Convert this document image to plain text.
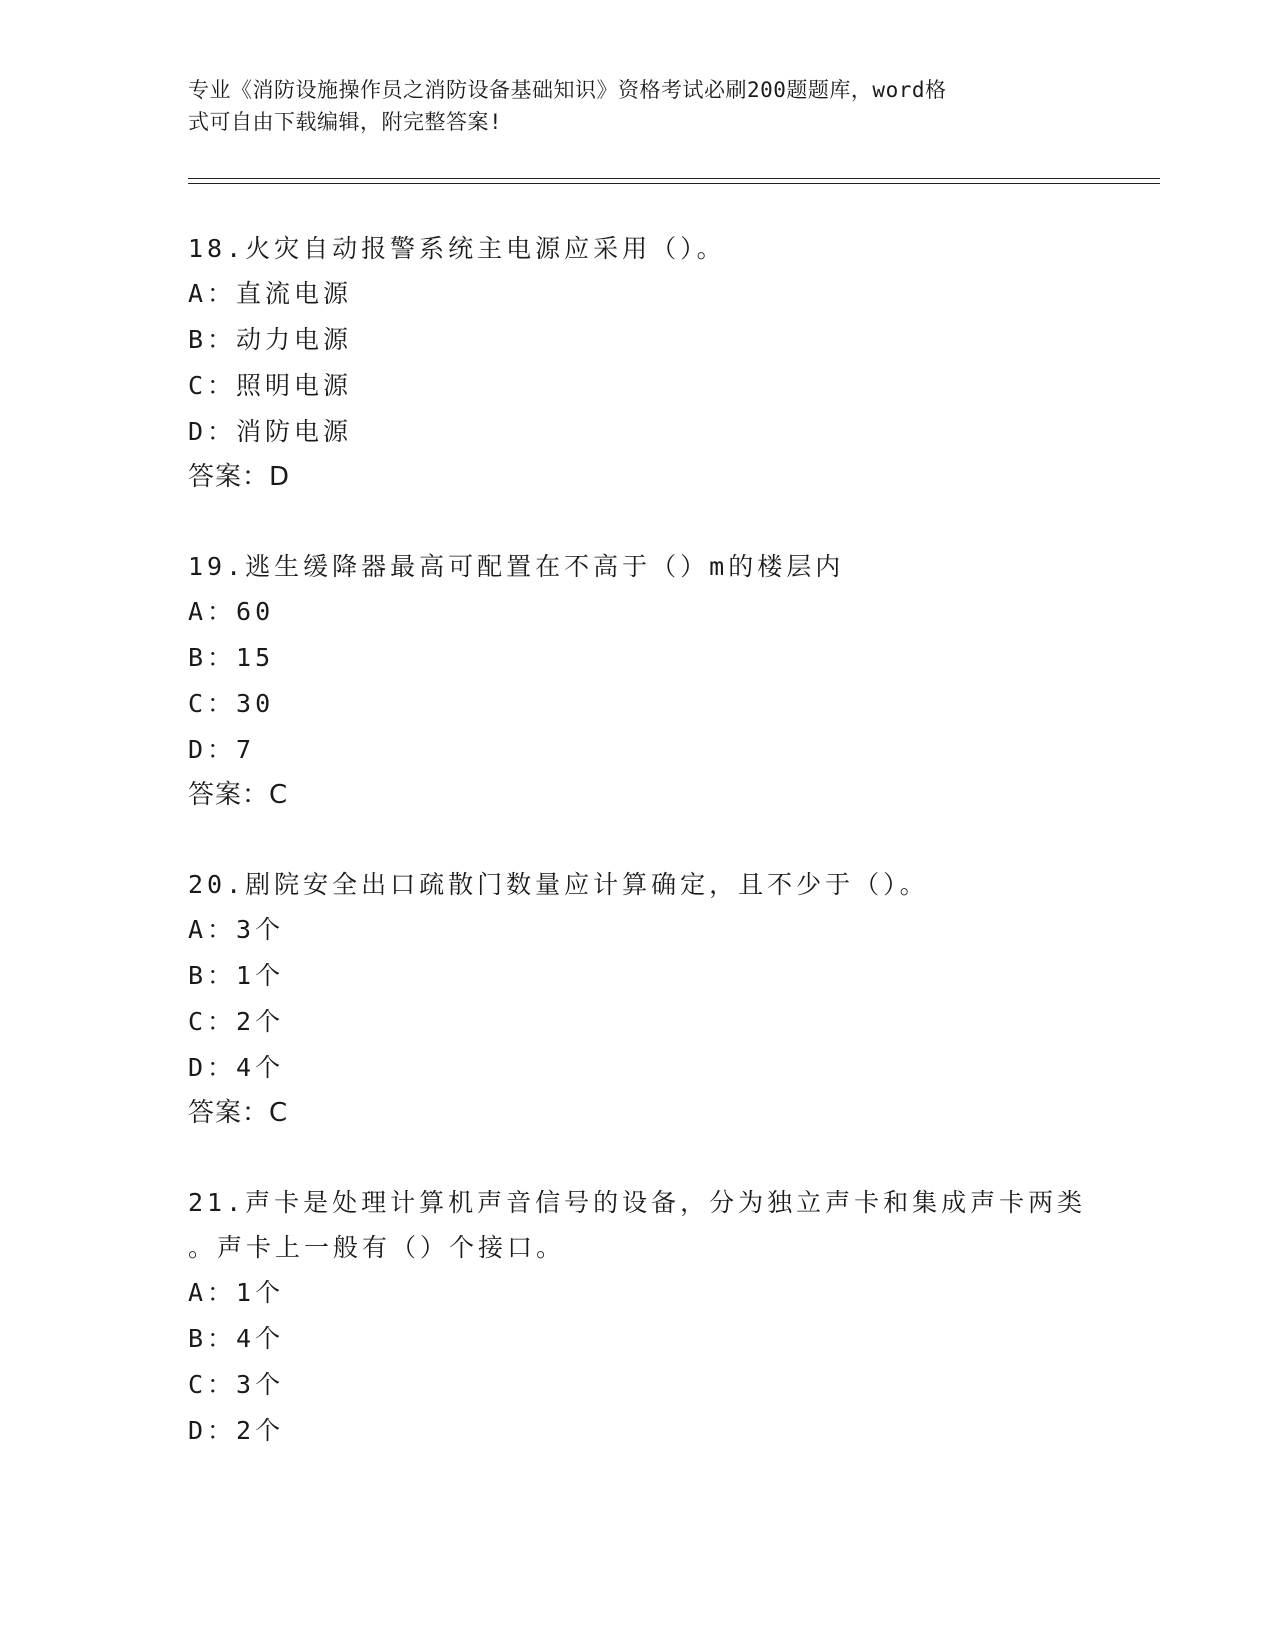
专业《消防设施操作员之消防设备基础知识》资格考试必刷200题题库，word格
式可自由下载编辑，附完整答案!
18.火灾自动报警系统主电源应采用（）。
A：直流电源
B：动力电源
C：照明电源
D：消防电源
答案：D
19.逃生缓降器最高可配置在不高于（）m的楼层内
A：60
B：15
C：30
D：7
答案：C
20.剧院安全出口疏散门数量应计算确定，且不少于（）。
A：3个
B：1个
C：2个
D：4个
答案：C
21.声卡是处理计算机声音信号的设备，分为独立声卡和集成声卡两类
。声卡上一般有（）个接口。
A：1个
B：4个
C：3个
D：2个
